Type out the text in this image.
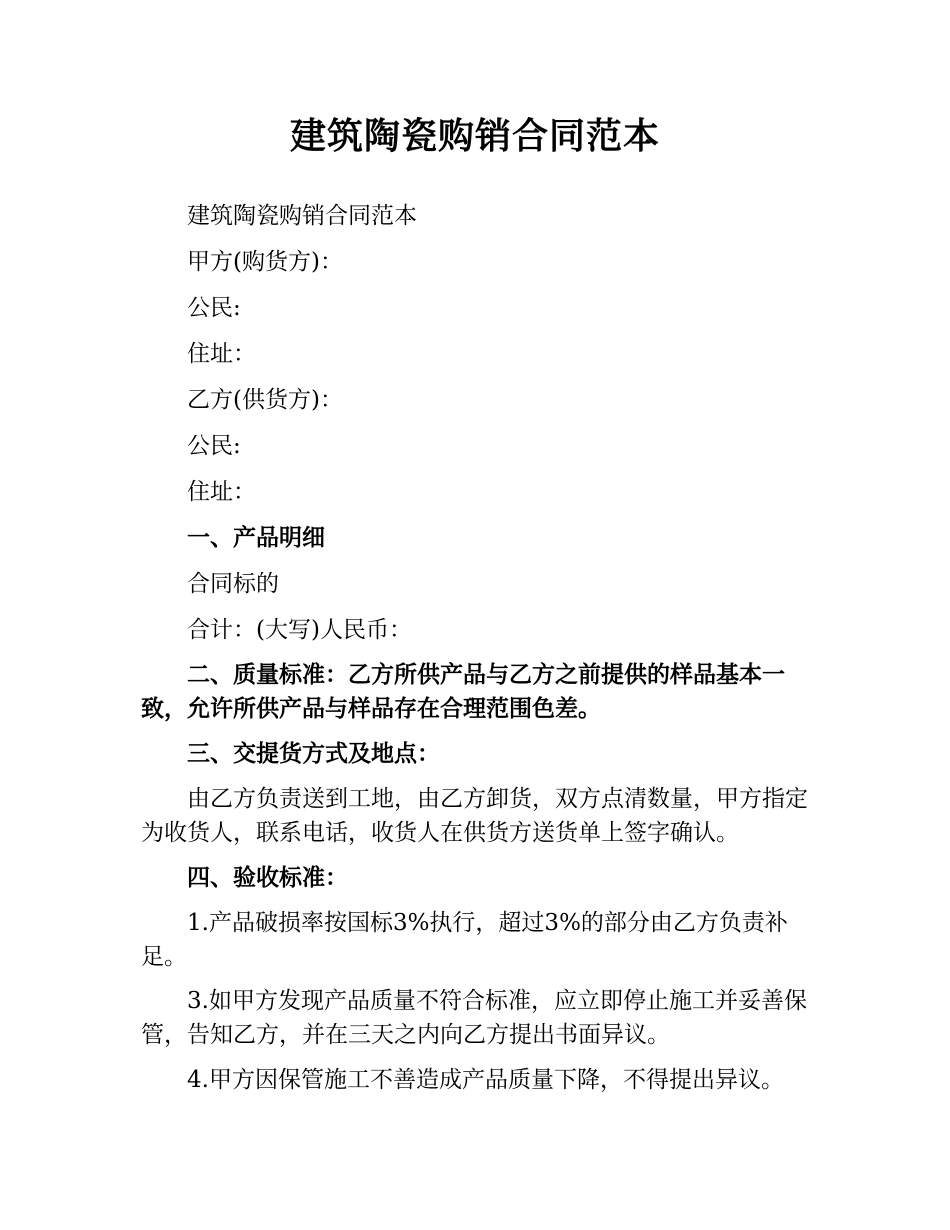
建筑陶瓷购销合同范本

建筑陶瓷购销合同范本

甲方(购货方)：

公民:

住址：

乙方(供货方)：

公民:

住址：

一、产品明细

合同标的

合计：(大写)人民币：

二、质量标准：乙方所供产品与乙方之前提供的样品基本一致，允许所供产品与样品存在合理范围色差。

三、交提货方式及地点：

由乙方负责送到工地，由乙方卸货，双方点清数量，甲方指定为收货人，联系电话，收货人在供货方送货单上签字确认。

四、验收标准：

1.产品破损率按国标3%执行，超过3%的部分由乙方负责补足。

3.如甲方发现产品质量不符合标准，应立即停止施工并妥善保管，告知乙方，并在三天之内向乙方提出书面异议。

4.甲方因保管施工不善造成产品质量下降，不得提出异议。
